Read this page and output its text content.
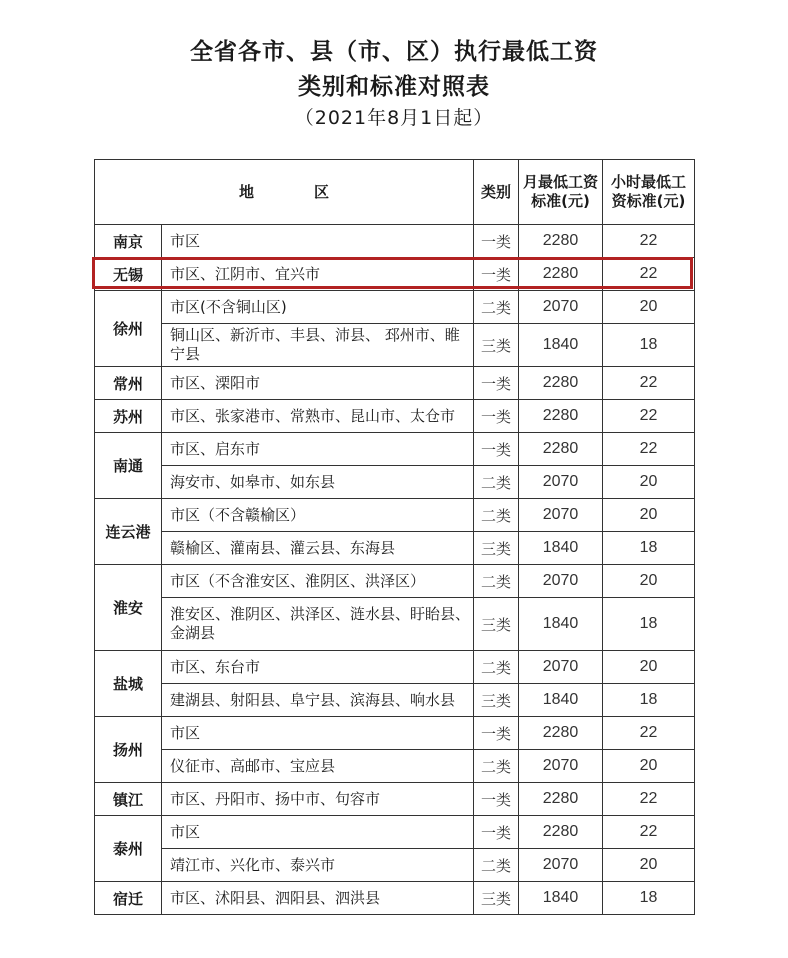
全省各市、县（市、区）执行最低工资
类别和标准对照表
（2021年8月1日起）
地　　　　区		类别	月最低工资标准(元)	小时最低工资标准(元)
南京	市区	一类	2280	22
无锡	市区、江阴市、宜兴市	一类	2280	22
徐州	市区(不含铜山区)	二类	2070	20
	铜山区、新沂市、丰县、沛县、 邳州市、睢宁县	三类	1840	18
常州	市区、溧阳市	一类	2280	22
苏州	市区、张家港市、常熟市、昆山市、太仓市	一类	2280	22
南通	市区、启东市	一类	2280	22
	海安市、如皋市、如东县	二类	2070	20
连云港	市区（不含赣榆区）	二类	2070	20
	赣榆区、灌南县、灌云县、东海县	三类	1840	18
淮安	市区（不含淮安区、淮阴区、洪泽区）	二类	2070	20
	淮安区、淮阴区、洪泽区、涟水县、盱眙县、金湖县	三类	1840	18
盐城	市区、东台市	二类	2070	20
	建湖县、射阳县、阜宁县、滨海县、响水县	三类	1840	18
扬州	市区	一类	2280	22
	仪征市、高邮市、宝应县	二类	2070	20
镇江	市区、丹阳市、扬中市、句容市	一类	2280	22
泰州	市区	一类	2280	22
	靖江市、兴化市、泰兴市	二类	2070	20
宿迁	市区、沭阳县、泗阳县、泗洪县	三类	1840	18
